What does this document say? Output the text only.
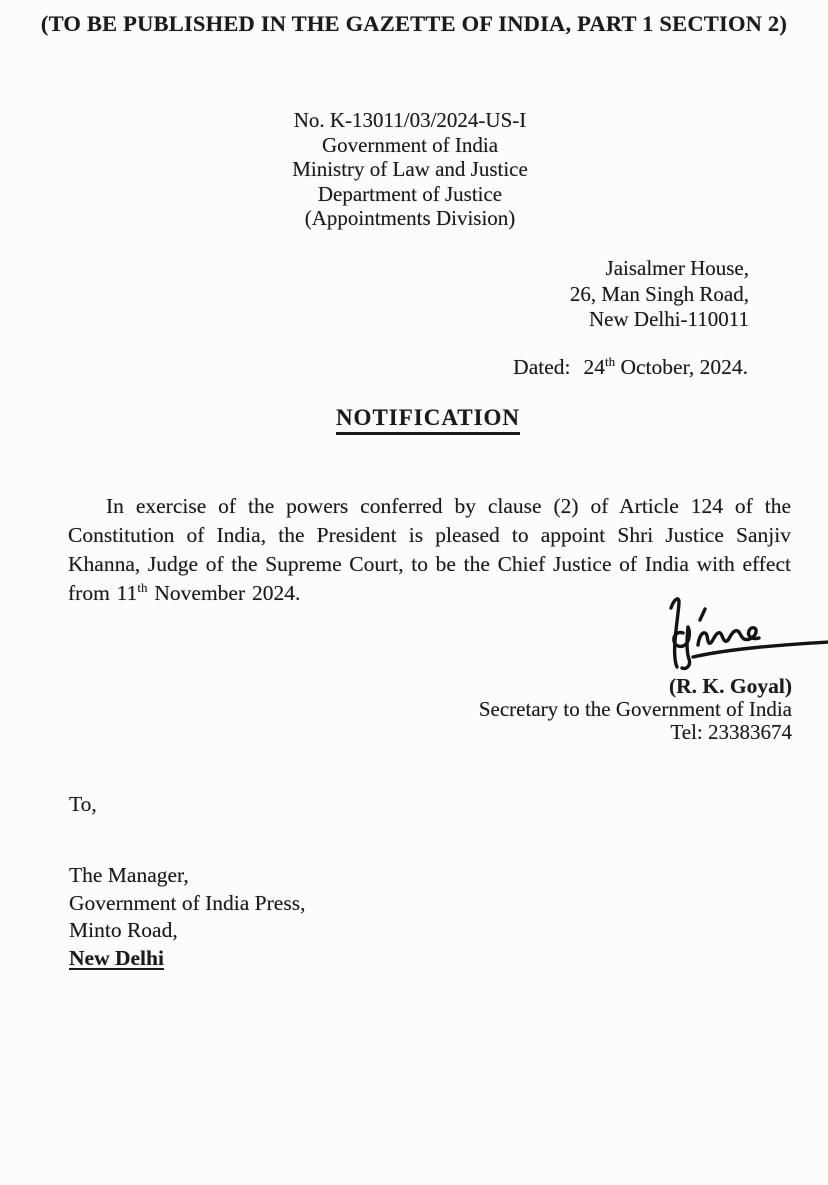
(TO BE PUBLISHED IN THE GAZETTE OF INDIA, PART 1 SECTION 2)
No. K-13011/03/2024-US-I
Government of India
Ministry of Law and Justice
Department of Justice
(Appointments Division)
Jaisalmer House,
26, Man Singh Road,
New Delhi-110011
Dated: 24th October, 2024.
NOTIFICATION

In exercise of the powers conferred by clause (2) of Article 124 of the Constitution of India, the President is pleased to appoint Shri Justice Sanjiv Khanna, Judge of the Supreme Court, to be the Chief Justice of India with effect from 11th November 2024.

(R. K. Goyal)
Secretary to the Government of India
Tel: 23383674
To,
The Manager,
Government of India Press,
Minto Road,
New Delhi
